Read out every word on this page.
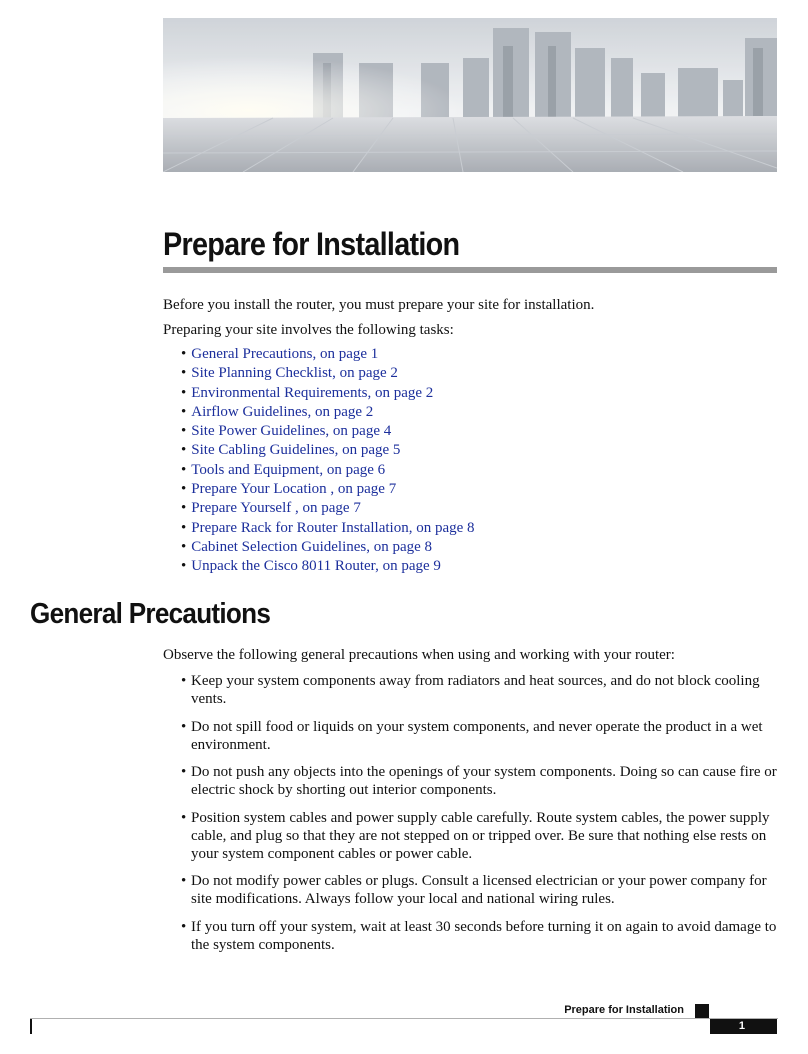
Prepare for Installation

Before you install the router, you must prepare your site for installation.

Preparing your site involves the following tasks:

• General Precautions, on page 1
• Site Planning Checklist, on page 2
• Environmental Requirements, on page 2
• Airflow Guidelines, on page 2
• Site Power Guidelines, on page 4
• Site Cabling Guidelines, on page 5
• Tools and Equipment, on page 6
• Prepare Your Location , on page 7
• Prepare Yourself , on page 7
• Prepare Rack for Router Installation, on page 8
• Cabinet Selection Guidelines, on page 8
• Unpack the Cisco 8011 Router, on page 9
General Precautions

Observe the following general precautions when using and working with your router:

• Keep your system components away from radiators and heat sources, and do not block cooling vents.
• Do not spill food or liquids on your system components, and never operate the product in a wet environment.
• Do not push any objects into the openings of your system components. Doing so can cause fire or electric shock by shorting out interior components.
• Position system cables and power supply cable carefully. Route system cables, the power supply cable, and plug so that they are not stepped on or tripped over. Be sure that nothing else rests on your system component cables or power cable.
• Do not modify power cables or plugs. Consult a licensed electrician or your power company for site modifications. Always follow your local and national wiring rules.
• If you turn off your system, wait at least 30 seconds before turning it on again to avoid damage to the system components.
Prepare for Installation
1
